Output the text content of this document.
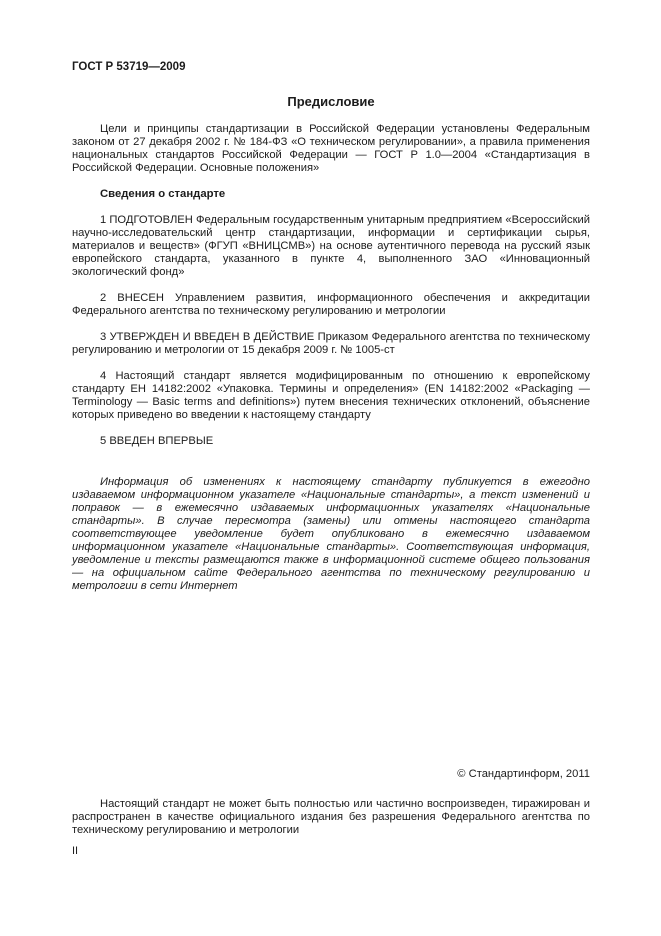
ГОСТ Р 53719—2009
Предисловие

Цели и принципы стандартизации в Российской Федерации установлены Федеральным законом от 27 декабря 2002 г. № 184-ФЗ «О техническом регулировании», а правила применения национальных стандартов Российской Федерации — ГОСТ Р 1.0—2004 «Стандартизация в Российской Федерации. Основные положения»

Сведения о стандарте

1 ПОДГОТОВЛЕН Федеральным государственным унитарным предприятием «Всероссийский научно-исследовательский центр стандартизации, информации и сертификации сырья, материалов и веществ» (ФГУП «ВНИЦСМВ») на основе аутентичного перевода на русский язык европейского стандарта, указанного в пункте 4, выполненного ЗАО «Инновационный экологический фонд»

2 ВНЕСЕН Управлением развития, информационного обеспечения и аккредитации Федерального агентства по техническому регулированию и метрологии

3 УТВЕРЖДЕН И ВВЕДЕН В ДЕЙСТВИЕ Приказом Федерального агентства по техническому регулированию и метрологии от 15 декабря 2009 г. № 1005-ст

4 Настоящий стандарт является модифицированным по отношению к европейскому стандарту ЕН 14182:2002 «Упаковка. Термины и определения» (EN 14182:2002 «Packaging — Terminology — Basic terms and definitions») путем внесения технических отклонений, объяснение которых приведено во введении к настоящему стандарту

5 ВВЕДЕН ВПЕРВЫЕ

Информация об изменениях к настоящему стандарту публикуется в ежегодно издаваемом информационном указателе «Национальные стандарты», а текст изменений и поправок — в ежемесячно издаваемых информационных указателях «Национальные стандарты». В случае пересмотра (замены) или отмены настоящего стандарта соответствующее уведомление будет опубликовано в ежемесячно издаваемом информационном указателе «Национальные стандарты». Соответствующая информация, уведомление и тексты размещаются также в информационной системе общего пользования — на официальном сайте Федерального агентства по техническому регулированию и метрологии в сети Интернет

© Стандартинформ, 2011

Настоящий стандарт не может быть полностью или частично воспроизведен, тиражирован и распространен в качестве официального издания без разрешения Федерального агентства по техническому регулированию и метрологии

II
